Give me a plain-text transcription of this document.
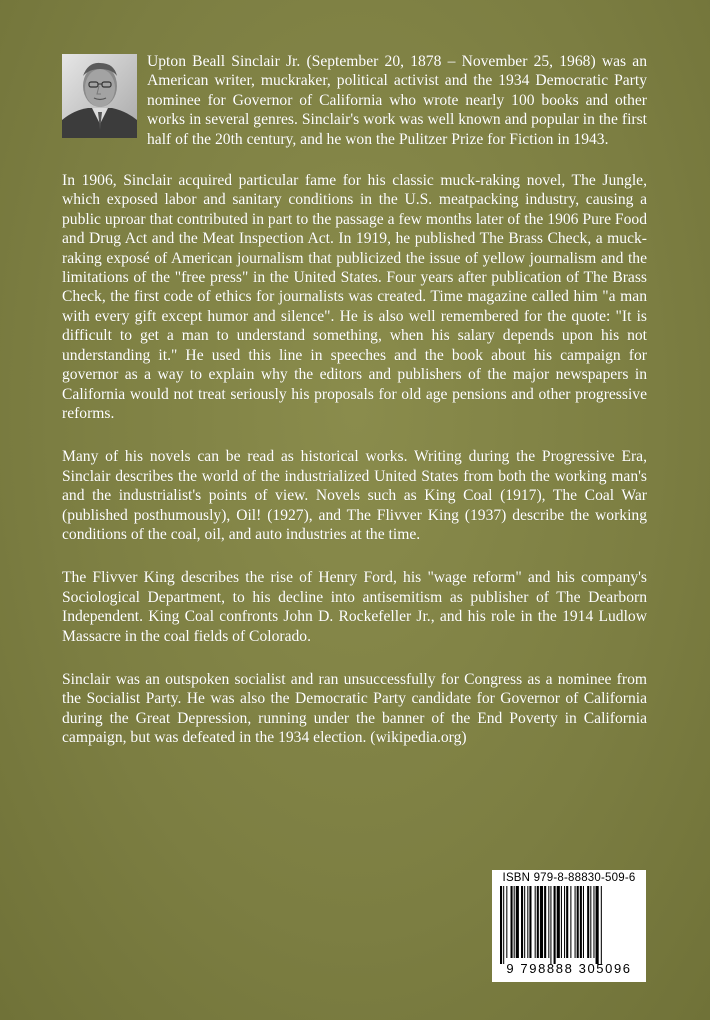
Upton Beall Sinclair Jr. (September 20, 1878 – November 25, 1968) was an American writer, muckraker, political activist and the 1934 Democratic Party nominee for Governor of California who wrote nearly 100 books and other works in several genres. Sinclair's work was well known and popular in the first half of the 20th century, and he won the Pulitzer Prize for Fiction in 1943.

In 1906, Sinclair acquired particular fame for his classic muck-raking novel, The Jungle, which exposed labor and sanitary conditions in the U.S. meatpacking industry, causing a public uproar that contributed in part to the passage a few months later of the 1906 Pure Food and Drug Act and the Meat Inspection Act. In 1919, he published The Brass Check, a muck-raking exposé of American journalism that publicized the issue of yellow journalism and the limitations of the "free press" in the United States. Four years after publication of The Brass Check, the first code of ethics for journalists was created. Time magazine called him "a man with every gift except humor and silence". He is also well remembered for the quote: "It is difficult to get a man to understand something, when his salary depends upon his not understanding it." He used this line in speeches and the book about his campaign for governor as a way to explain why the editors and publishers of the major newspapers in California would not treat seriously his proposals for old age pensions and other progressive reforms.

Many of his novels can be read as historical works. Writing during the Progressive Era, Sinclair describes the world of the industrialized United States from both the working man's and the industrialist's points of view. Novels such as King Coal (1917), The Coal War (published posthumously), Oil! (1927), and The Flivver King (1937) describe the working conditions of the coal, oil, and auto industries at the time.

The Flivver King describes the rise of Henry Ford, his "wage reform" and his company's Sociological Department, to his decline into antisemitism as publisher of The Dearborn Independent. King Coal confronts John D. Rockefeller Jr., and his role in the 1914 Ludlow Massacre in the coal fields of Colorado.

Sinclair was an outspoken socialist and ran unsuccessfully for Congress as a nominee from the Socialist Party. He was also the Democratic Party candidate for Governor of California during the Great Depression, running under the banner of the End Poverty in California campaign, but was defeated in the 1934 election. (wikipedia.org)

ISBN 979-8-88830-509-6
9 798888 305096
